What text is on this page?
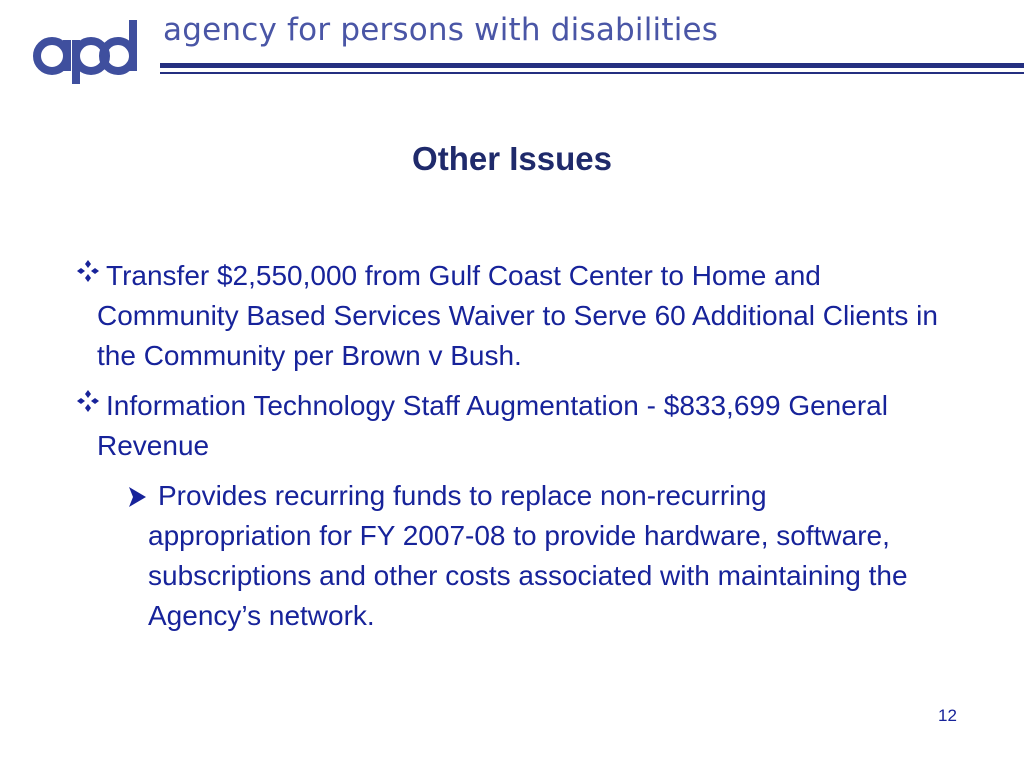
agency for persons with disabilities
Other Issues
Transfer $2,550,000 from Gulf Coast Center to Home and Community Based Services Waiver to Serve 60 Additional Clients in the Community per Brown v Bush.
Information Technology Staff Augmentation - $833,699 General Revenue
Provides recurring funds to replace non-recurring appropriation for FY 2007-08 to provide hardware, software, subscriptions and other costs associated with maintaining the Agency’s network.
12
